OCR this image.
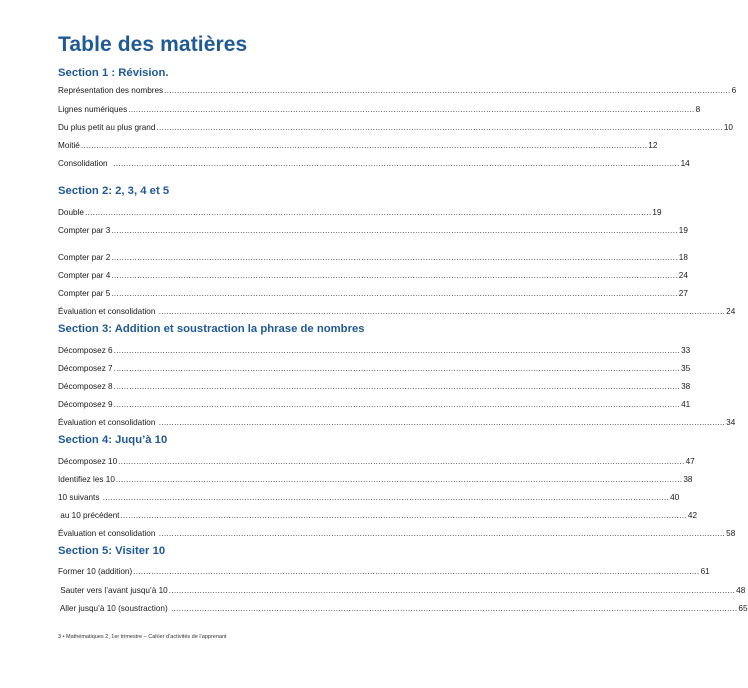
Table des matières
Section 1 : Révision.
Représentation des nombres ............................................................................................................................................................................................................................ 6
Lignes numériques ............................................................................................................................................................................................................................ 8
Du plus petit au plus grand ............................................................................................................................................................................................................................ 10
Moitié ............................................................................................................................................................................................................................ 12
Consolidation ............................................................................................................................................................................................................................ 14
Section 2: 2, 3, 4 et 5
Double ............................................................................................................................................................................................................................ 19
Compter par 3 ............................................................................................................................................................................................................................ 19
Compter par 2 ............................................................................................................................................................................................................................ 18
Compter par 4 ............................................................................................................................................................................................................................ 24
Compter par 5 ............................................................................................................................................................................................................................ 27
Évaluation et consolidation ............................................................................................................................................................................................................................ 24
Section 3: Addition et soustraction la phrase de nombres
Décomposez 6 ............................................................................................................................................................................................................................ 33
Décomposez 7 ............................................................................................................................................................................................................................ 35
Décomposez 8 ............................................................................................................................................................................................................................ 38
Décomposez 9 ............................................................................................................................................................................................................................ 41
Évaluation et consolidation ............................................................................................................................................................................................................................ 34
Section 4: Juqu’à 10
Décomposez 10 ............................................................................................................................................................................................................................ 47
Identifiez les 10 ............................................................................................................................................................................................................................ 38
10 suivants ............................................................................................................................................................................................................................ 40
au 10 précédent ............................................................................................................................................................................................................................ 42
Évaluation et consolidation ............................................................................................................................................................................................................................ 58
Section 5: Visiter 10
Former 10 (addition) ............................................................................................................................................................................................................................ 61
Sauter vers l’avant jusqu’à 10 ............................................................................................................................................................................................................................ 48
Aller jusqu’à 10 (soustraction) ............................................................................................................................................................................................................................ 65
3 • Mathématiques 2, 1er trimestre – Cahier d’activités de l’apprenant
